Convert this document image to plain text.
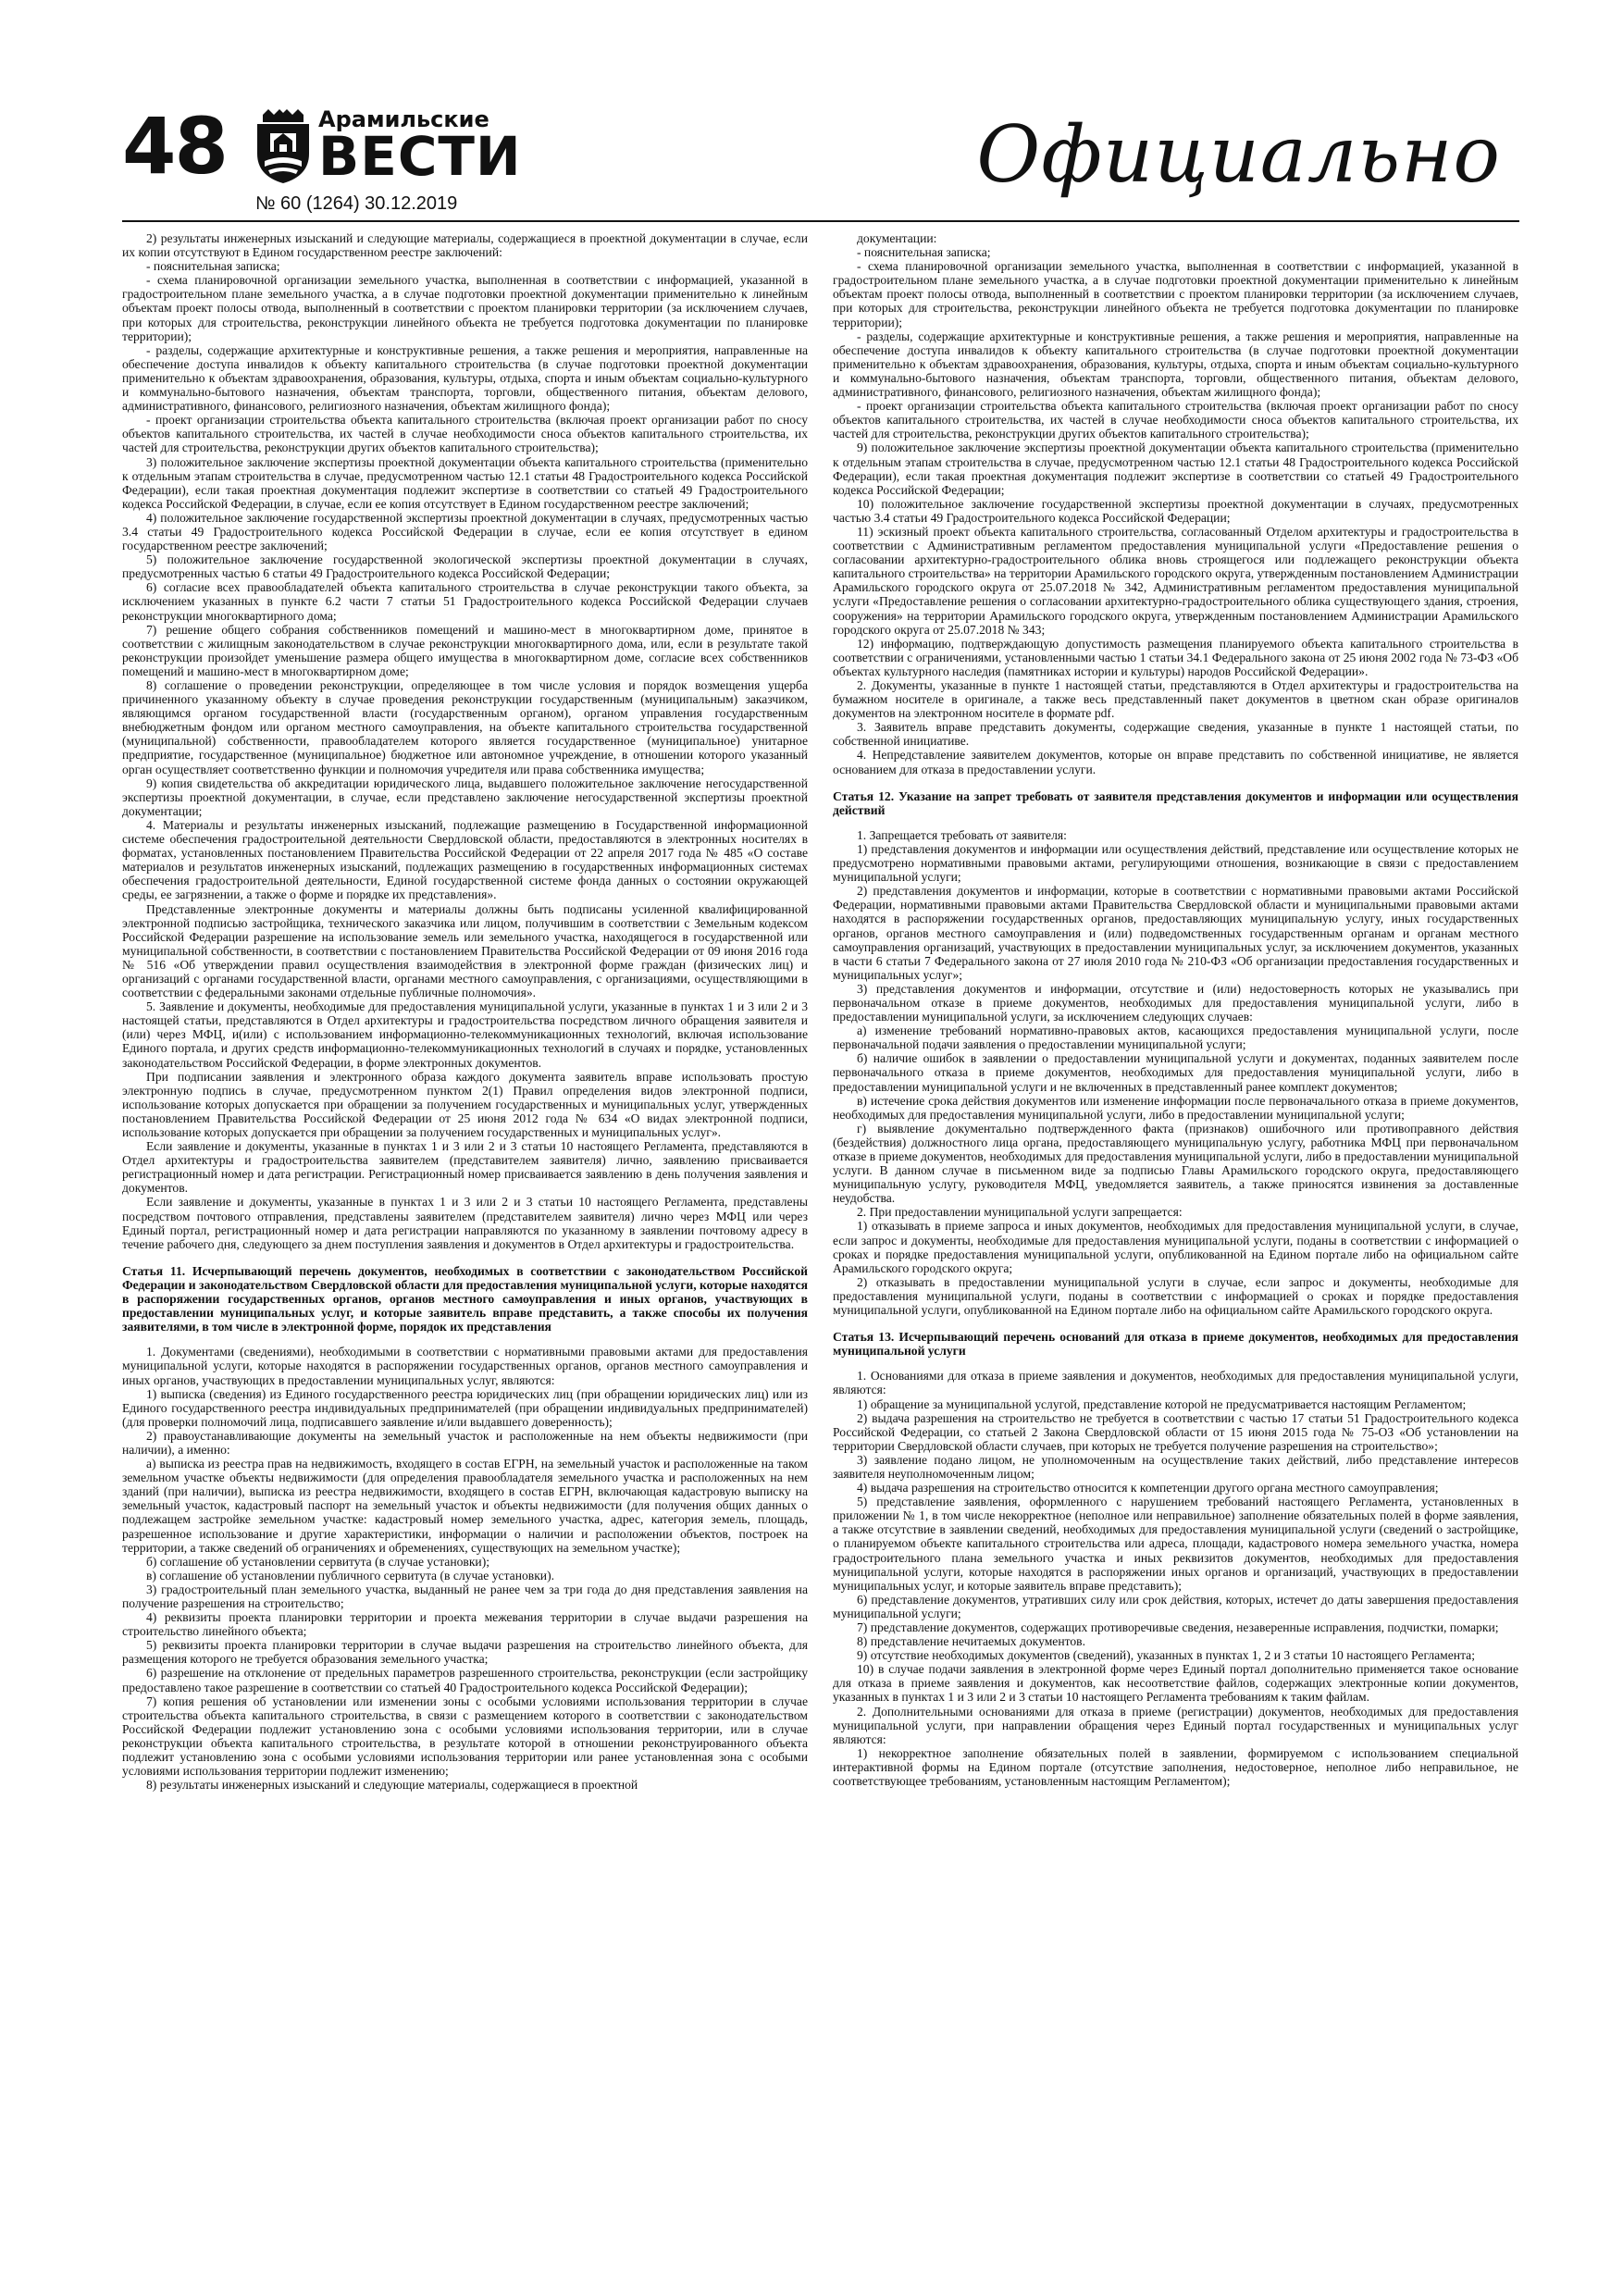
48	Арамильские
ВЕСТИ
№ 60 (1264) 30.12.2019
Официально

2) результаты инженерных изысканий и следующие материалы, содержащиеся в проектной документации в случае, если их копии отсутствуют в Едином государственном реестре заключений:

- пояснительная записка;

- схема планировочной организации земельного участка, выполненная в соответствии с информацией, указанной в градостроительном плане земельного участка, а в случае подготовки проектной документации применительно к линейным объектам проект полосы отвода, выполненный в соответствии с проектом планировки территории (за исключением случаев, при которых для строительства, реконструкции линейного объекта не требуется подготовка документации по планировке территории);

- разделы, содержащие архитектурные и конструктивные решения, а также решения и мероприятия, направленные на обеспечение доступа инвалидов к объекту капитального строительства (в случае подготовки проектной документации применительно к объектам здравоохранения, образования, культуры, отдыха, спорта и иным объектам социально-культурного и коммунально-бытового назначения, объектам транспорта, торговли, общественного питания, объектам делового, административного, финансового, религиозного назначения, объектам жилищного фонда);

- проект организации строительства объекта капитального строительства (включая проект организации работ по сносу объектов капитального строительства, их частей в случае необходимости сноса объектов капитального строительства, их частей для строительства, реконструкции других объектов капитального строительства);

3) положительное заключение экспертизы проектной документации объекта капитального строительства (применительно к отдельным этапам строительства в случае, предусмотренном частью 12.1 статьи 48 Градостроительного кодекса Российской Федерации), если такая проектная документация подлежит экспертизе в соответствии со статьей 49 Градостроительного кодекса Российской Федерации, в случае, если ее копия отсутствует в Едином государственном реестре заключений;

4) положительное заключение государственной экспертизы проектной документации в случаях, предусмотренных частью 3.4 статьи 49 Градостроительного кодекса Российской Федерации в случае, если ее копия отсутствует в едином государственном реестре заключений;

5) положительное заключение государственной экологической экспертизы проектной документации в случаях, предусмотренных частью 6 статьи 49 Градостроительного кодекса Российской Федерации;

6) согласие всех правообладателей объекта капитального строительства в случае реконструкции такого объекта, за исключением указанных в пункте 6.2 части 7 статьи 51 Градостроительного кодекса Российской Федерации случаев реконструкции многоквартирного дома;

7) решение общего собрания собственников помещений и машино-мест в многоквартирном доме, принятое в соответствии с жилищным законодательством в случае реконструкции многоквартирного дома, или, если в результате такой реконструкции произойдет уменьшение размера общего имущества в многоквартирном доме, согласие всех собственников помещений и машино-мест в многоквартирном доме;

8) соглашение о проведении реконструкции, определяющее в том числе условия и порядок возмещения ущерба причиненного указанному объекту в случае проведения реконструкции государственным (муниципальным) заказчиком, являющимся органом государственной власти (государственным органом), органом управления государственным внебюджетным фондом или органом местного самоуправления, на объекте капитального строительства государственной (муниципальной) собственности, правообладателем которого является государственное (муниципальное) унитарное предприятие, государственное (муниципальное) бюджетное или автономное учреждение, в отношении которого указанный орган осуществляет соответственно функции и полномочия учредителя или права собственника имущества;

9) копия свидетельства об аккредитации юридического лица, выдавшего положительное заключение негосударственной экспертизы проектной документации, в случае, если представлено заключение негосударственной экспертизы проектной документации;

4. Материалы и результаты инженерных изысканий, подлежащие размещению в Государственной информационной системе обеспечения градостроительной деятельности Свердловской области, предоставляются в электронных носителях в форматах, установленных постановлением Правительства Российской Федерации от 22 апреля 2017 года № 485 «О составе материалов и результатов инженерных изысканий, подлежащих размещению в государственных информационных системах обеспечения градостроительной деятельности, Единой государственной системе фонда данных о состоянии окружающей среды, ее загрязнении, а также о форме и порядке их представления».

Представленные электронные документы и материалы должны быть подписаны усиленной квалифицированной электронной подписью застройщика, технического заказчика или лицом, получившим в соответствии с Земельным кодексом Российской Федерации разрешение на использование земель или земельного участка, находящегося в государственной или муниципальной собственности, в соответствии с постановлением Правительства Российской Федерации от 09 июня 2016 года № 516 «Об утверждении правил осуществления взаимодействия в электронной форме граждан (физических лиц) и организаций с органами государственной власти, органами местного самоуправления, с организациями, осуществляющими в соответствии с федеральными законами отдельные публичные полномочия».

5. Заявление и документы, необходимые для предоставления муниципальной услуги, указанные в пунктах 1 и 3 или 2 и 3 настоящей статьи, представляются в Отдел архитектуры и градостроительства посредством личного обращения заявителя и (или) через МФЦ, и(или) с использованием информационно-телекоммуникационных технологий, включая использование Единого портала, и других средств информационно-телекоммуникационных технологий в случаях и порядке, установленных законодательством Российской Федерации, в форме электронных документов.

При подписании заявления и электронного образа каждого документа заявитель вправе использовать простую электронную подпись в случае, предусмотренном пунктом 2(1) Правил определения видов электронной подписи, использование которых допускается при обращении за получением государственных и муниципальных услуг, утвержденных постановлением Правительства Российской Федерации от 25 июня 2012 года № 634 «О видах электронной подписи, использование которых допускается при обращении за получением государственных и муниципальных услуг».

Если заявление и документы, указанные в пунктах 1 и 3 или 2 и 3 статьи 10 настоящего Регламента, представляются в Отдел архитектуры и градостроительства заявителем (представителем заявителя) лично, заявлению присваивается регистрационный номер и дата регистрации. Регистрационный номер присваивается заявлению в день получения заявления и документов.

Если заявление и документы, указанные в пунктах 1 и 3 или 2 и 3 статьи 10 настоящего Регламента, представлены посредством почтового отправления, представлены заявителем (представителем заявителя) лично через МФЦ или через Единый портал, регистрационный номер и дата регистрации направляются по указанному в заявлении почтовому адресу в течение рабочего дня, следующего за днем поступления заявления и документов в Отдел архитектуры и градостроительства.

Статья 11. Исчерпывающий перечень документов, необходимых в соответствии с законодательством Российской Федерации и законодательством Свердловской области для предоставления муниципальной услуги, которые находятся в распоряжении государственных органов, органов местного самоуправления и иных органов, участвующих в предоставлении муниципальных услуг, и которые заявитель вправе представить, а также способы их получения заявителями, в том числе в электронной форме, порядок их представления

1. Документами (сведениями), необходимыми в соответствии с нормативными правовыми актами для предоставления муниципальной услуги, которые находятся в распоряжении государственных органов, органов местного самоуправления и иных органов, участвующих в предоставлении муниципальных услуг, являются:

1) выписка (сведения) из Единого государственного реестра юридических лиц (при обращении юридических лиц) или из Единого государственного реестра индивидуальных предпринимателей (при обращении индивидуальных предпринимателей) (для проверки полномочий лица, подписавшего заявление и/или выдавшего доверенность);

2) правоустанавливающие документы на земельный участок и расположенные на нем объекты недвижимости (при наличии), а именно:

а) выписка из реестра прав на недвижимость, входящего в состав ЕГРН, на земельный участок и расположенные на таком земельном участке объекты недвижимости (для определения правообладателя земельного участка и расположенных на нем зданий (при наличии), выписка из реестра недвижимости, входящего в состав ЕГРН, включающая кадастровую выписку на земельный участок, кадастровый паспорт на земельный участок и объекты недвижимости (для получения общих данных о подлежащем застройке земельном участке: кадастровый номер земельного участка, адрес, категория земель, площадь, разрешенное использование и другие характеристики, информации о наличии и расположении объектов, построек на территории, а также сведений об ограничениях и обременениях, существующих на земельном участке);

б) соглашение об установлении сервитута (в случае установки);

в) соглашение об установлении публичного сервитута (в случае установки).

3) градостроительный план земельного участка, выданный не ранее чем за три года до дня представления заявления на получение разрешения на строительство;

4) реквизиты проекта планировки территории и проекта межевания территории в случае выдачи разрешения на строительство линейного объекта;

5) реквизиты проекта планировки территории в случае выдачи разрешения на строительство линейного объекта, для размещения которого не требуется образования земельного участка;

6) разрешение на отклонение от предельных параметров разрешенного строительства, реконструкции (если застройщику предоставлено такое разрешение в соответствии со статьей 40 Градостроительного кодекса Российской Федерации);

7) копия решения об установлении или изменении зоны с особыми условиями использования территории в случае строительства объекта капитального строительства, в связи с размещением которого в соответствии с законодательством Российской Федерации подлежит установлению зона с особыми условиями использования территории, или в случае реконструкции объекта капитального строительства, в результате которой в отношении реконструированного объекта подлежит установлению зона с особыми условиями использования территории или ранее установленная зона с особыми условиями использования территории подлежит изменению;

8) результаты инженерных изысканий и следующие материалы, содержащиеся в проектной

документации:

- пояснительная записка;

- схема планировочной организации земельного участка, выполненная в соответствии с информацией, указанной в градостроительном плане земельного участка, а в случае подготовки проектной документации применительно к линейным объектам проект полосы отвода, выполненный в соответствии с проектом планировки территории (за исключением случаев, при которых для строительства, реконструкции линейного объекта не требуется подготовка документации по планировке территории);

- разделы, содержащие архитектурные и конструктивные решения, а также решения и мероприятия, направленные на обеспечение доступа инвалидов к объекту капитального строительства (в случае подготовки проектной документации применительно к объектам здравоохранения, образования, культуры, отдыха, спорта и иным объектам социально-культурного и коммунально-бытового назначения, объектам транспорта, торговли, общественного питания, объектам делового, административного, финансового, религиозного назначения, объектам жилищного фонда);

- проект организации строительства объекта капитального строительства (включая проект организации работ по сносу объектов капитального строительства, их частей в случае необходимости сноса объектов капитального строительства, их частей для строительства, реконструкции других объектов капитального строительства);

9) положительное заключение экспертизы проектной документации объекта капитального строительства (применительно к отдельным этапам строительства в случае, предусмотренном частью 12.1 статьи 48 Градостроительного кодекса Российской Федерации), если такая проектная документация подлежит экспертизе в соответствии со статьей 49 Градостроительного кодекса Российской Федерации;

10) положительное заключение государственной экспертизы проектной документации в случаях, предусмотренных частью 3.4 статьи 49 Градостроительного кодекса Российской Федерации;

11) эскизный проект объекта капитального строительства, согласованный Отделом архитектуры и градостроительства в соответствии с Административным регламентом предоставления муниципальной услуги «Предоставление решения о согласовании архитектурно-градостроительного облика вновь строящегося или подлежащего реконструкции объекта капитального строительства» на территории Арамильского городского округа, утвержденным постановлением Администрации Арамильского городского округа от 25.07.2018 № 342, Административным регламентом предоставления муниципальной услуги «Предоставление решения о согласовании архитектурно-градостроительного облика существующего здания, строения, сооружения» на территории Арамильского городского округа, утвержденным постановлением Администрации Арамильского городского округа от 25.07.2018 № 343;

12) информацию, подтверждающую допустимость размещения планируемого объекта капитального строительства в соответствии с ограничениями, установленными частью 1 статьи 34.1 Федерального закона от 25 июня 2002 года № 73-ФЗ «Об объектах культурного наследия (памятниках истории и культуры) народов Российской Федерации».

2. Документы, указанные в пункте 1 настоящей статьи, представляются в Отдел архитектуры и градостроительства на бумажном носителе в оригинале, а также весь представленный пакет документов в цветном скан образе оригиналов документов на электронном носителе в формате pdf.

3. Заявитель вправе представить документы, содержащие сведения, указанные в пункте 1 настоящей статьи, по собственной инициативе.

4. Непредставление заявителем документов, которые он вправе представить по собственной инициативе, не является основанием для отказа в предоставлении услуги.

Статья 12. Указание на запрет требовать от заявителя представления документов и информации или осуществления действий

1. Запрещается требовать от заявителя:

1) представления документов и информации или осуществления действий, представление или осуществление которых не предусмотрено нормативными правовыми актами, регулирующими отношения, возникающие в связи с предоставлением муниципальной услуги;

2) представления документов и информации, которые в соответствии с нормативными правовыми актами Российской Федерации, нормативными правовыми актами Правительства Свердловской области и муниципальными правовыми актами находятся в распоряжении государственных органов, предоставляющих муниципальную услугу, иных государственных органов, органов местного самоуправления и (или) подведомственных государственным органам и органам местного самоуправления организаций, участвующих в предоставлении муниципальных услуг, за исключением документов, указанных в части 6 статьи 7 Федерального закона от 27 июля 2010 года № 210-ФЗ «Об организации предоставления государственных и муниципальных услуг»;

3) представления документов и информации, отсутствие и (или) недостоверность которых не указывались при первоначальном отказе в приеме документов, необходимых для предоставления муниципальной услуги, либо в предоставлении муниципальной услуги, за исключением следующих случаев:

а) изменение требований нормативно-правовых актов, касающихся предоставления муниципальной услуги, после первоначальной подачи заявления о предоставлении муниципальной услуги;

б) наличие ошибок в заявлении о предоставлении муниципальной услуги и документах, поданных заявителем после первоначального отказа в приеме документов, необходимых для предоставления муниципальной услуги, либо в предоставлении муниципальной услуги и не включенных в представленный ранее комплект документов;

в) истечение срока действия документов или изменение информации после первоначального отказа в приеме документов, необходимых для предоставления муниципальной услуги, либо в предоставлении муниципальной услуги;

г) выявление документально подтвержденного факта (признаков) ошибочного или противоправного действия (бездействия) должностного лица органа, предоставляющего муниципальную услугу, работника МФЦ при первоначальном отказе в приеме документов, необходимых для предоставления муниципальной услуги, либо в предоставлении муниципальной услуги. В данном случае в письменном виде за подписью Главы Арамильского городского округа, предоставляющего муниципальную услугу, руководителя МФЦ, уведомляется заявитель, а также приносятся извинения за доставленные неудобства.

2. При предоставлении муниципальной услуги запрещается:

1) отказывать в приеме запроса и иных документов, необходимых для предоставления муниципальной услуги, в случае, если запрос и документы, необходимые для предоставления муниципальной услуги, поданы в соответствии с информацией о сроках и порядке предоставления муниципальной услуги, опубликованной на Едином портале либо на официальном сайте Арамильского городского округа;

2) отказывать в предоставлении муниципальной услуги в случае, если запрос и документы, необходимые для предоставления муниципальной услуги, поданы в соответствии с информацией о сроках и порядке предоставления муниципальной услуги, опубликованной на Едином портале либо на официальном сайте Арамильского городского округа.

Статья 13. Исчерпывающий перечень оснований для отказа в приеме документов, необходимых для предоставления муниципальной услуги

1. Основаниями для отказа в приеме заявления и документов, необходимых для предоставления муниципальной услуги, являются:

1) обращение за муниципальной услугой, представление которой не предусматривается настоящим Регламентом;

2) выдача разрешения на строительство не требуется в соответствии с частью 17 статьи 51 Градостроительного кодекса Российской Федерации, со статьей 2 Закона Свердловской области от 15 июня 2015 года № 75-ОЗ «Об установлении на территории Свердловской области случаев, при которых не требуется получение разрешения на строительство»;

3) заявление подано лицом, не уполномоченным на осуществление таких действий, либо представление интересов заявителя неуполномоченным лицом;

4) выдача разрешения на строительство относится к компетенции другого органа местного самоуправления;

5) представление заявления, оформленного с нарушением требований настоящего Регламента, установленных в приложении № 1, в том числе некорректное (неполное или неправильное) заполнение обязательных полей в форме заявления, а также отсутствие в заявлении сведений, необходимых для предоставления муниципальной услуги (сведений о застройщике, о планируемом объекте капитального строительства или адреса, площади, кадастрового номера земельного участка, номера градостроительного плана земельного участка и иных реквизитов документов, необходимых для предоставления муниципальной услуги, которые находятся в распоряжении иных органов и организаций, участвующих в предоставлении муниципальных услуг, и которые заявитель вправе представить);

6) представление документов, утративших силу или срок действия, которых, истечет до даты завершения предоставления муниципальной услуги;

7) представление документов, содержащих противоречивые сведения, незаверенные исправления, подчистки, помарки;

8) представление нечитаемых документов.

9) отсутствие необходимых документов (сведений), указанных в пунктах 1, 2 и 3 статьи 10 настоящего Регламента;

10) в случае подачи заявления в электронной форме через Единый портал дополнительно применяется такое основание для отказа в приеме заявления и документов, как несоответствие файлов, содержащих электронные копии документов, указанных в пунктах 1 и 3 или 2 и 3 статьи 10 настоящего Регламента требованиям к таким файлам.

2. Дополнительными основаниями для отказа в приеме (регистрации) документов, необходимых для предоставления муниципальной услуги, при направлении обращения через Единый портал государственных и муниципальных услуг являются:

1) некорректное заполнение обязательных полей в заявлении, формируемом с использованием специальной интерактивной формы на Едином портале (отсутствие заполнения, недостоверное, неполное либо неправильное, не соответствующее требованиям, установленным настоящим Регламентом);
